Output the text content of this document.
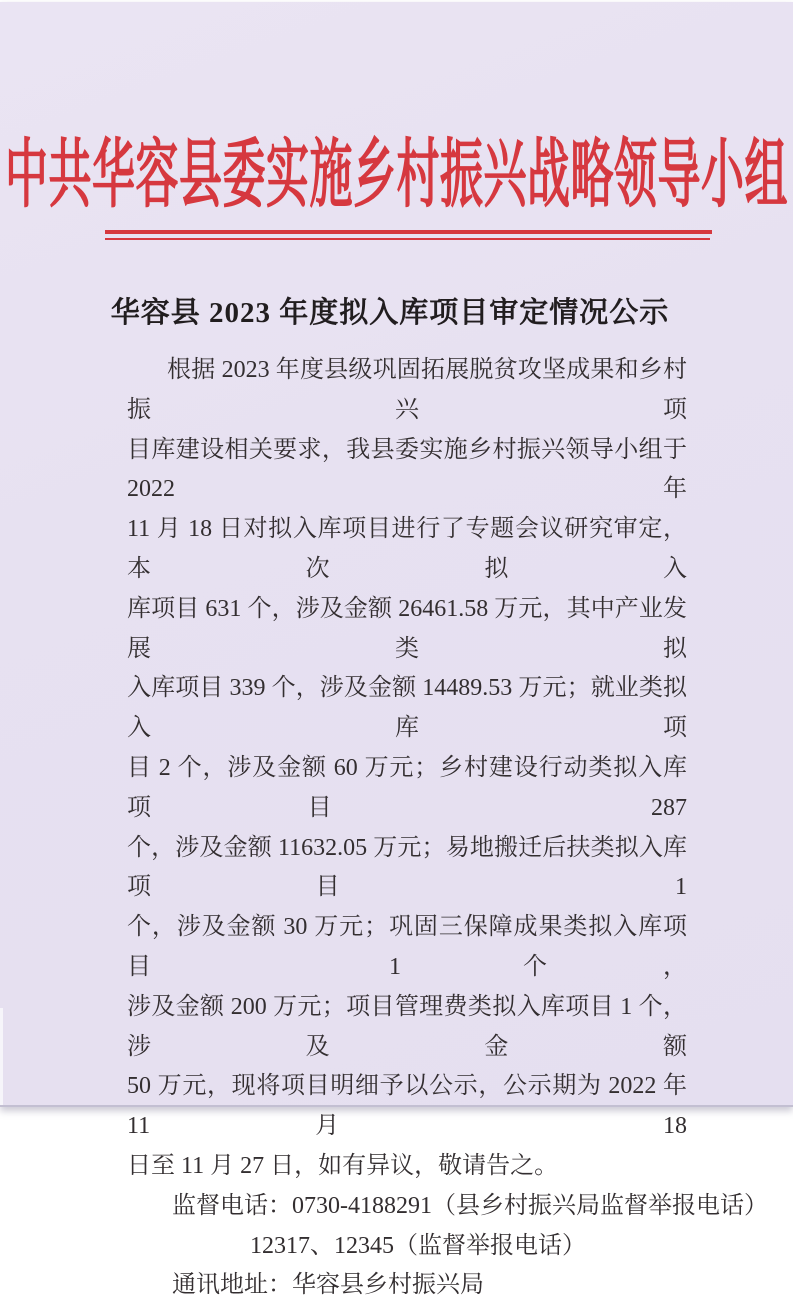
中共华容县委实施乡村振兴战略领导小组
华容县 2023 年度拟入库项目审定情况公示
根据 2023 年度县级巩固拓展脱贫攻坚成果和乡村振兴项
目库建设相关要求，我县委实施乡村振兴领导小组于 2022 年
11 月 18 日对拟入库项目进行了专题会议研究审定，本次拟入
库项目 631 个，涉及金额 26461.58 万元，其中产业发展类拟
入库项目 339 个，涉及金额 14489.53 万元；就业类拟入库项
目 2 个，涉及金额 60 万元；乡村建设行动类拟入库项目 287
个，涉及金额 11632.05 万元；易地搬迁后扶类拟入库项目 1
个，涉及金额 30 万元；巩固三保障成果类拟入库项目 1 个，
涉及金额 200 万元；项目管理费类拟入库项目 1 个，涉及金额
50 万元，现将项目明细予以公示，公示期为 2022 年 11 月 18
日至 11 月 27 日，如有异议，敬请告之。
监督电话：0730-4188291（县乡村振兴局监督举报电话）
12317、12345（监督举报电话）
通讯地址：华容县乡村振兴局
